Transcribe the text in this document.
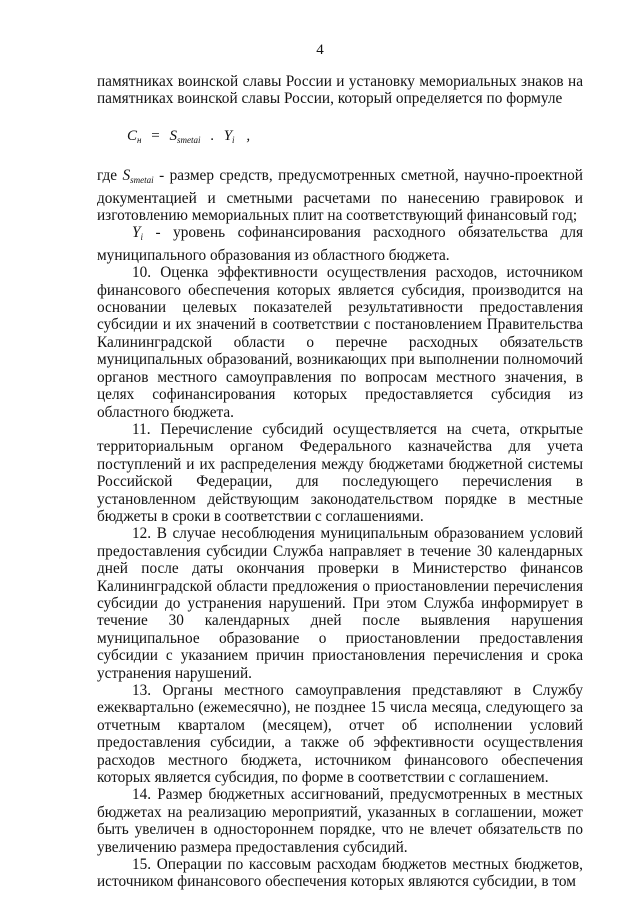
4

памятниках воинской славы России и установку мемориальных знаков на памятниках воинской славы России, который определяется по формуле

$С_н = S_{smetai}$ . $Y_i$ ,

где $S_{smetai}$ - размер средств, предусмотренных сметной, научно-проектной документацией и сметными расчетами по нанесению гравировок и изготовлению мемориальных плит на соответствующий финансовый год;

$Y_i$ - уровень софинансирования расходного обязательства для муниципального образования из областного бюджета.

10. Оценка эффективности осуществления расходов, источником финансового обеспечения которых является субсидия, производится на основании целевых показателей результативности предоставления субсидии и их значений в соответствии с постановлением Правительства Калининградской области о перечне расходных обязательств муниципальных образований, возникающих при выполнении полномочий органов местного самоуправления по вопросам местного значения, в целях софинансирования которых предоставляется субсидия из областного бюджета.

11. Перечисление субсидий осуществляется на счета, открытые территориальным органом Федерального казначейства для учета поступлений и их распределения между бюджетами бюджетной системы Российской Федерации, для последующего перечисления в установленном действующим законодательством порядке в местные бюджеты в сроки в соответствии с соглашениями.

12. В случае несоблюдения муниципальным образованием условий предоставления субсидии Служба направляет в течение 30 календарных дней после даты окончания проверки в Министерство финансов Калининградской области предложения о приостановлении перечисления субсидии до устранения нарушений. При этом Служба информирует в течение 30 календарных дней после выявления нарушения муниципальное образование о приостановлении предоставления субсидии с указанием причин приостановления перечисления и срока устранения нарушений.

13. Органы местного самоуправления представляют в Службу ежеквартально (ежемесячно), не позднее 15 числа месяца, следующего за отчетным кварталом (месяцем), отчет об исполнении условий предоставления субсидии, а также об эффективности осуществления расходов местного бюджета, источником финансового обеспечения которых является субсидия, по форме в соответствии с соглашением.

14. Размер бюджетных ассигнований, предусмотренных в местных бюджетах на реализацию мероприятий, указанных в соглашении, может быть увеличен в одностороннем порядке, что не влечет обязательств по увеличению размера предоставления субсидий.

15. Операции по кассовым расходам бюджетов местных бюджетов, источником финансового обеспечения которых являются субсидии, в том
